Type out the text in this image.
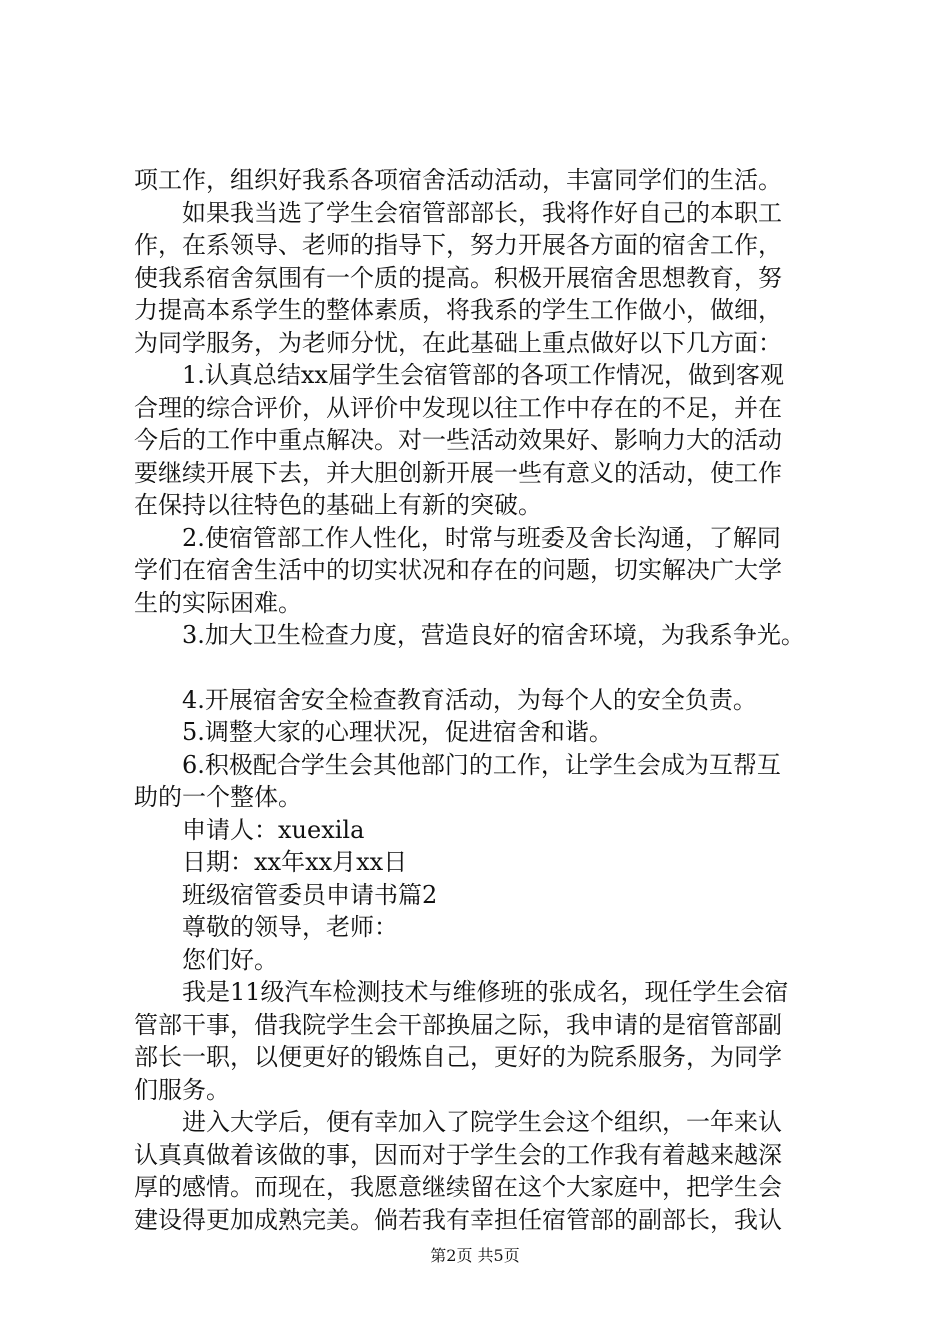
项工作，组织好我系各项宿舍活动活动，丰富同学们的生活。

如果我当选了学生会宿管部部长，我将作好自己的本职工

作，在系领导、老师的指导下，努力开展各方面的宿舍工作，

使我系宿舍氛围有一个质的提高。积极开展宿舍思想教育，努

力提高本系学生的整体素质，将我系的学生工作做小，做细，

为同学服务，为老师分忧，在此基础上重点做好以下几方面：

1.认真总结xx届学生会宿管部的各项工作情况，做到客观

合理的综合评价，从评价中发现以往工作中存在的不足，并在

今后的工作中重点解决。对一些活动效果好、影响力大的活动

要继续开展下去，并大胆创新开展一些有意义的活动，使工作

在保持以往特色的基础上有新的突破。

2.使宿管部工作人性化，时常与班委及舍长沟通，了解同

学们在宿舍生活中的切实状况和存在的问题，切实解决广大学

生的实际困难。

3.加大卫生检查力度，营造良好的宿舍环境，为我系争光。

4.开展宿舍安全检查教育活动，为每个人的安全负责。

5.调整大家的心理状况，促进宿舍和谐。

6.积极配合学生会其他部门的工作，让学生会成为互帮互

助的一个整体。

申请人：xuexila

日期：xx年xx月xx日

班级宿管委员申请书篇2

尊敬的领导，老师：

您们好。

我是11级汽车检测技术与维修班的张成名，现任学生会宿

管部干事，借我院学生会干部换届之际，我申请的是宿管部副

部长一职，以便更好的锻炼自己，更好的为院系服务，为同学

们服务。

进入大学后，便有幸加入了院学生会这个组织，一年来认

认真真做着该做的事，因而对于学生会的工作我有着越来越深

厚的感情。而现在，我愿意继续留在这个大家庭中，把学生会

建设得更加成熟完美。倘若我有幸担任宿管部的副部长，我认

第2页 共5页
